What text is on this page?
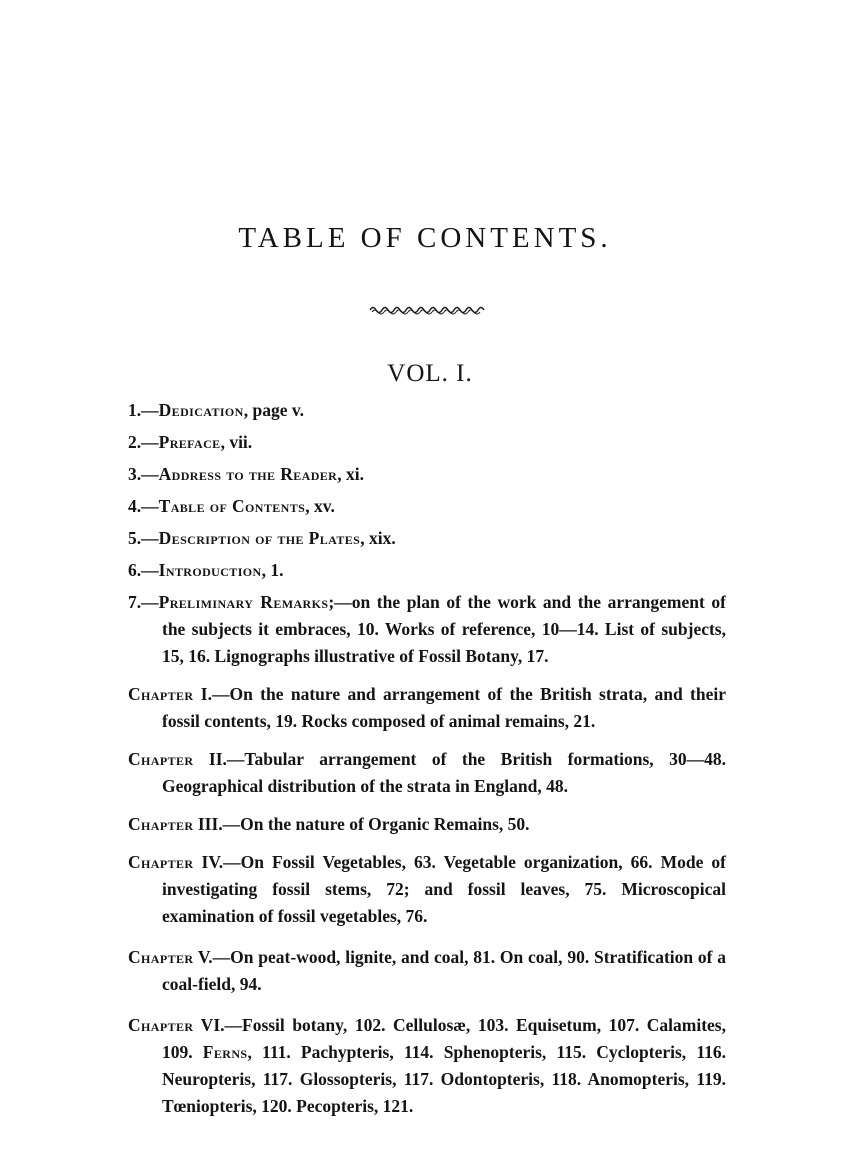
TABLE OF CONTENTS.
VOL. I.
1.—Dedication, page v.
2.—Preface, vii.
3.—Address to the Reader, xi.
4.—Table of Contents, xv.
5.—Description of the Plates, xix.
6.—Introduction, 1.
7.—Preliminary Remarks;—on the plan of the work and the arrangement of the subjects it embraces, 10. Works of reference, 10—14. List of subjects, 15, 16. Lignographs illustrative of Fossil Botany, 17.
Chapter I.—On the nature and arrangement of the British strata, and their fossil contents, 19. Rocks composed of animal remains, 21.
Chapter II.—Tabular arrangement of the British formations, 30—48. Geographical distribution of the strata in England, 48.
Chapter III.—On the nature of Organic Remains, 50.
Chapter IV.—On Fossil Vegetables, 63. Vegetable organization, 66. Mode of investigating fossil stems, 72; and fossil leaves, 75. Microscopical examination of fossil vegetables, 76.
Chapter V.—On peat-wood, lignite, and coal, 81. On coal, 90. Stratification of a coal-field, 94.
Chapter VI.—Fossil botany, 102. Cellulosæ, 103. Equisetum, 107. Calamites, 109. Ferns, 111. Pachypteris, 114. Sphenopteris, 115. Cyclopteris, 116. Neuropteris, 117. Glossopteris, 117. Odontopteris, 118. Anomopteris, 119. Tœniopteris, 120. Pecopteris, 121.
